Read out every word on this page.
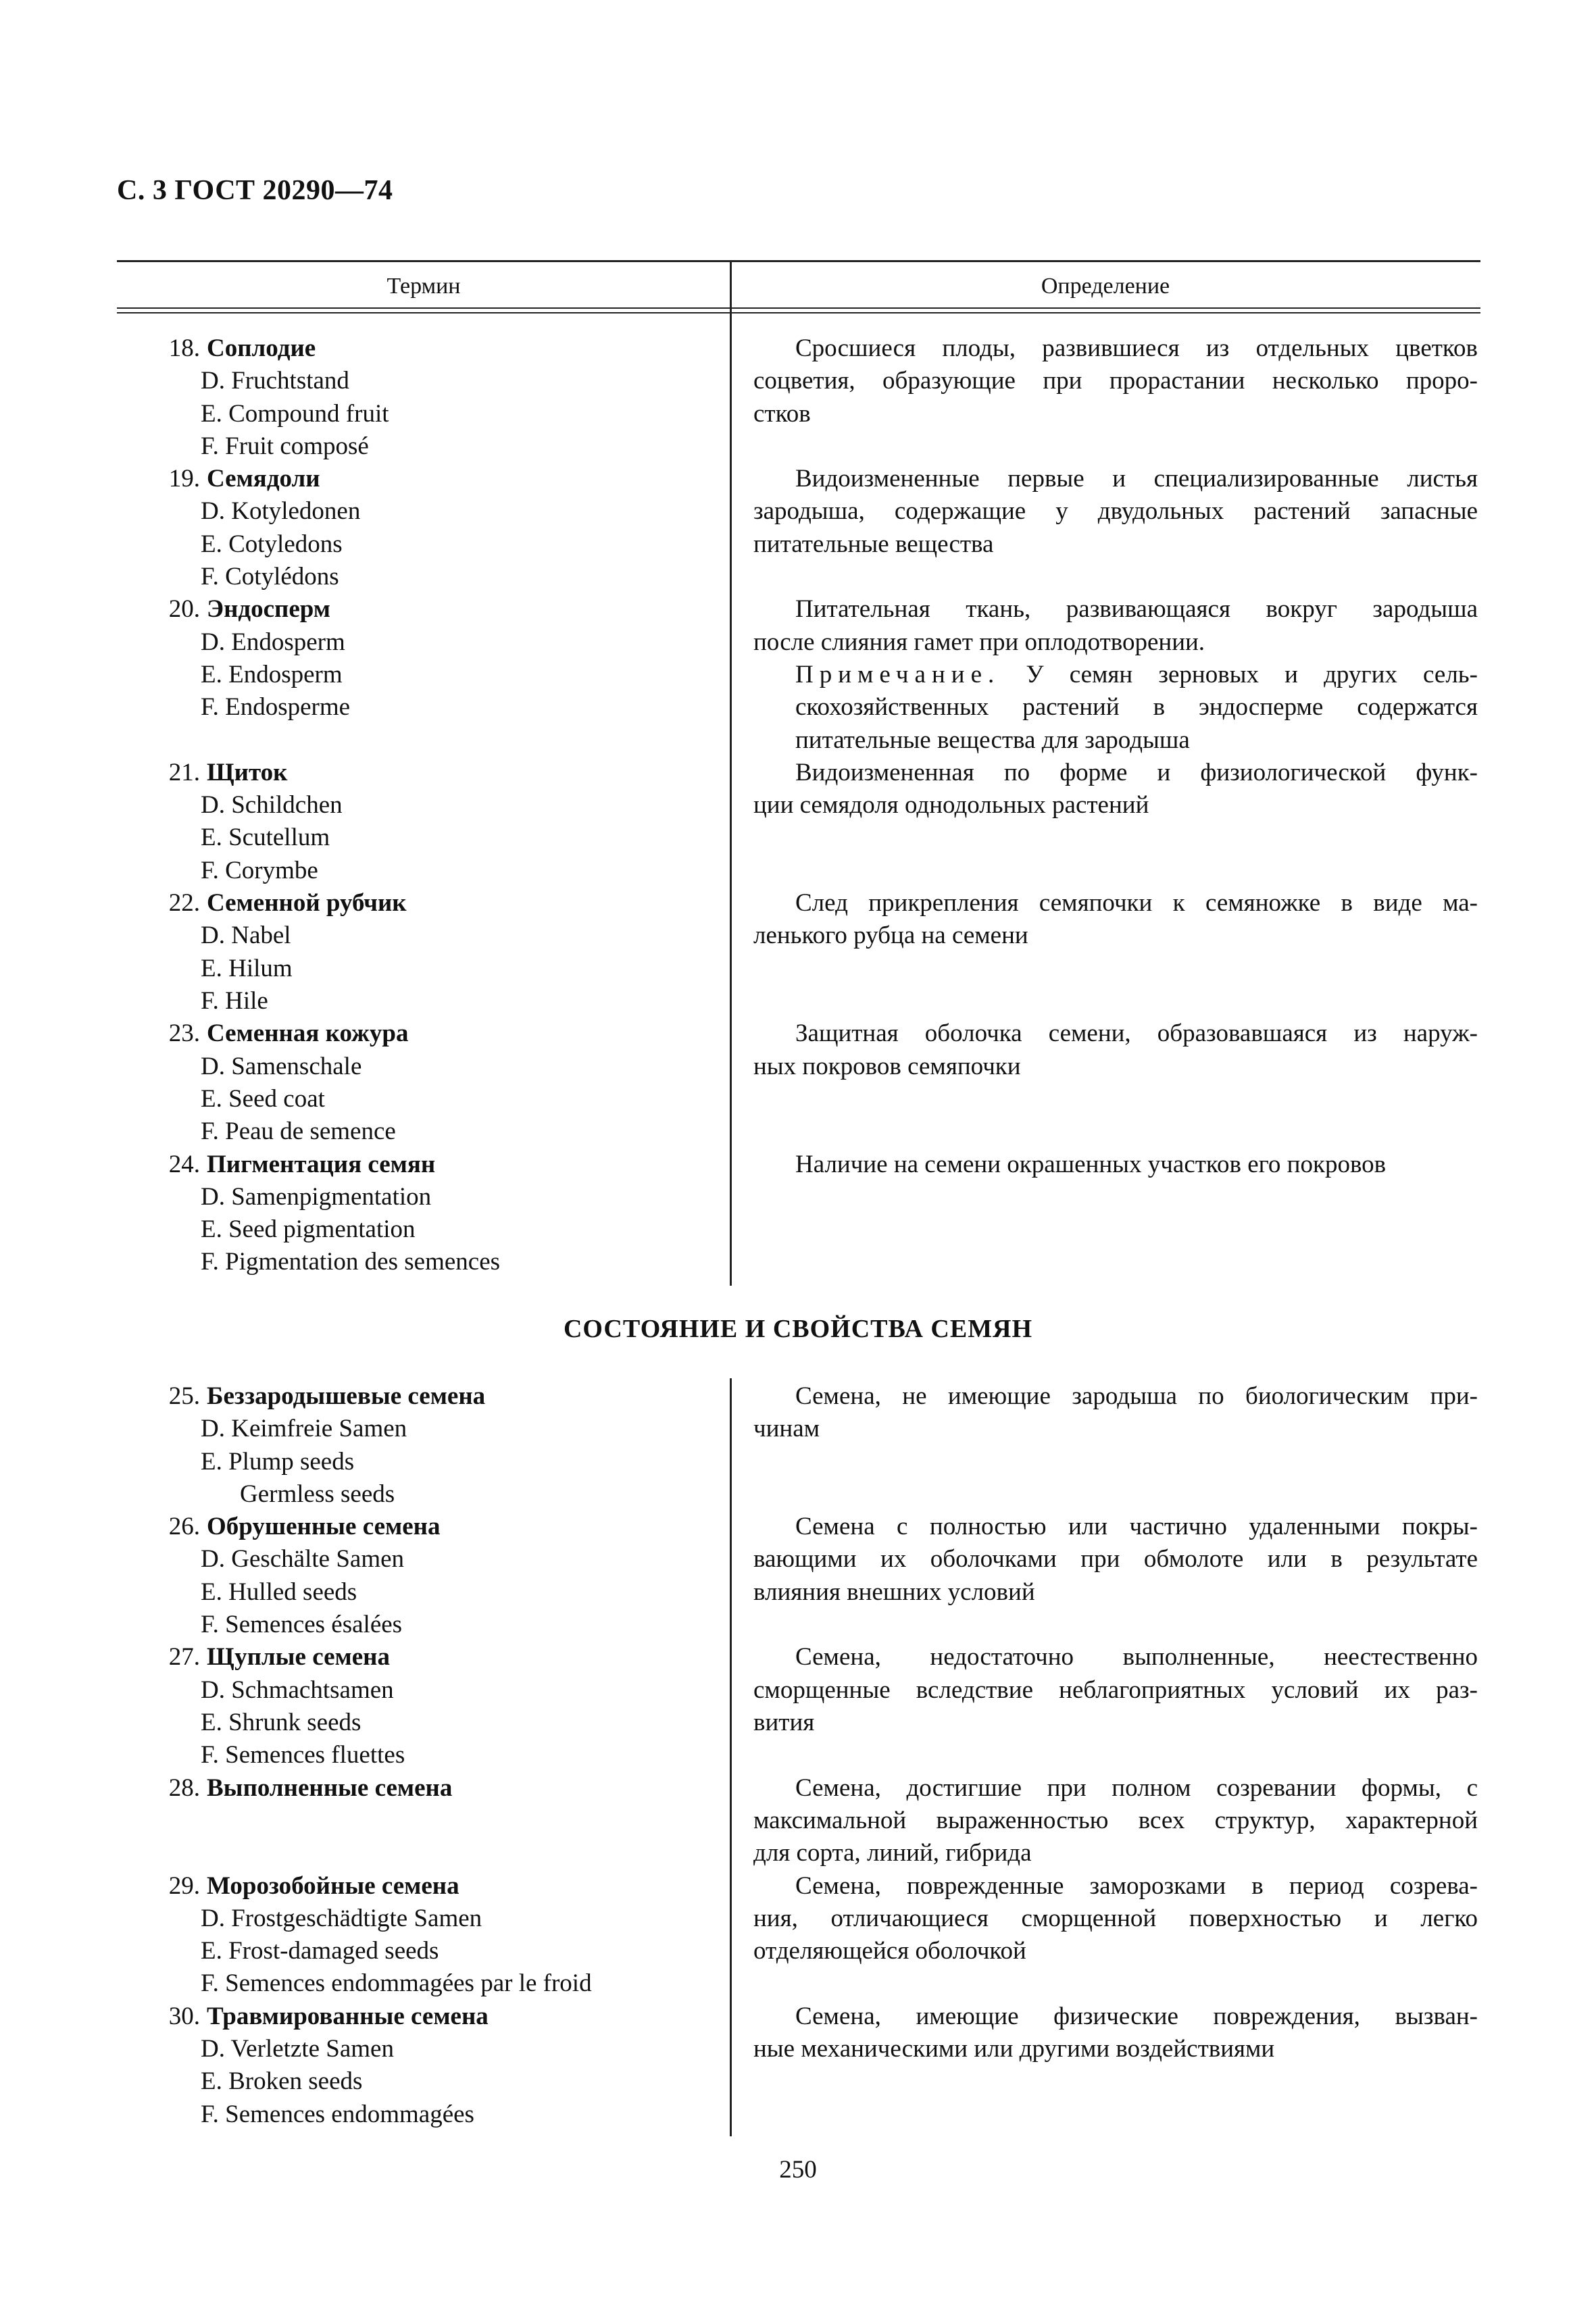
С. 3 ГОСТ 20290—74
Термин	Определение
18. Соплодие
D. Fruchtstand
E. Compound fruit
F. Fruit composé
Сросшиеся плоды, развившиеся из отдельных цветков
соцветия, образующие при прорастании несколько проро-
стков
19. Семядоли
D. Kotyledonen
E. Cotyledons
F. Cotylédons
Видоизмененные первые и специализированные листья
зародыша, содержащие у двудольных растений запасные
питательные вещества
20. Эндосперм
D. Endosperm
E. Endosperm
F. Endosperme
Питательная ткань, развивающаяся вокруг зародыша
после слияния гамет при оплодотворении.
Примечание. У семян зерновых и других сель-
скохозяйственных растений в эндосперме содержатся
питательные вещества для зародыша
21. Щиток
D. Schildchen
E. Scutellum
F. Corymbe
Видоизмененная по форме и физиологической функ-
ции семядоля однодольных растений
22. Семенной рубчик
D. Nabel
E. Hilum
F. Hile
След прикрепления семяпочки к семяножке в виде ма-
ленького рубца на семени
23. Семенная кожура
D. Samenschale
E. Seed coat
F. Peau de semence
Защитная оболочка семени, образовавшаяся из наруж-
ных покровов семяпочки
24. Пигментация семян
D. Samenpigmentation
E. Seed pigmentation
F. Pigmentation des semences
Наличие на семени окрашенных участков его покровов
СОСТОЯНИЕ И СВОЙСТВА СЕМЯН
25. Беззародышевые семена
D. Keimfreie Samen
E. Plump seeds
Germless seeds
Семена, не имеющие зародыша по биологическим при-
чинам
26. Обрушенные семена
D. Geschälte Samen
E. Hulled seeds
F. Semences ésalées
Семена с полностью или частично удаленными покры-
вающими их оболочками при обмолоте или в результате
влияния внешних условий
27. Щуплые семена
D. Schmachtsamen
E. Shrunk seeds
F. Semences fluettes
Семена, недостаточно выполненные, неестественно
сморщенные вследствие неблагоприятных условий их раз-
вития
28. Выполненные семена	Семена, достигшие при полном созревании формы, с
максимальной выраженностью всех структур, характерной
для сорта, линий, гибрида
29. Морозобойные семена
D. Frostgeschädtigte Samen
E. Frost-damaged seeds
F. Semences endommagées par le froid
Семена, поврежденные заморозками в период созрева-
ния, отличающиеся сморщенной поверхностью и легко
отделяющейся оболочкой
30. Травмированные семена
D. Verletzte Samen
E. Broken seeds
F. Semences endommagées
Семена, имеющие физические повреждения, вызван-
ные механическими или другими воздействиями
250
